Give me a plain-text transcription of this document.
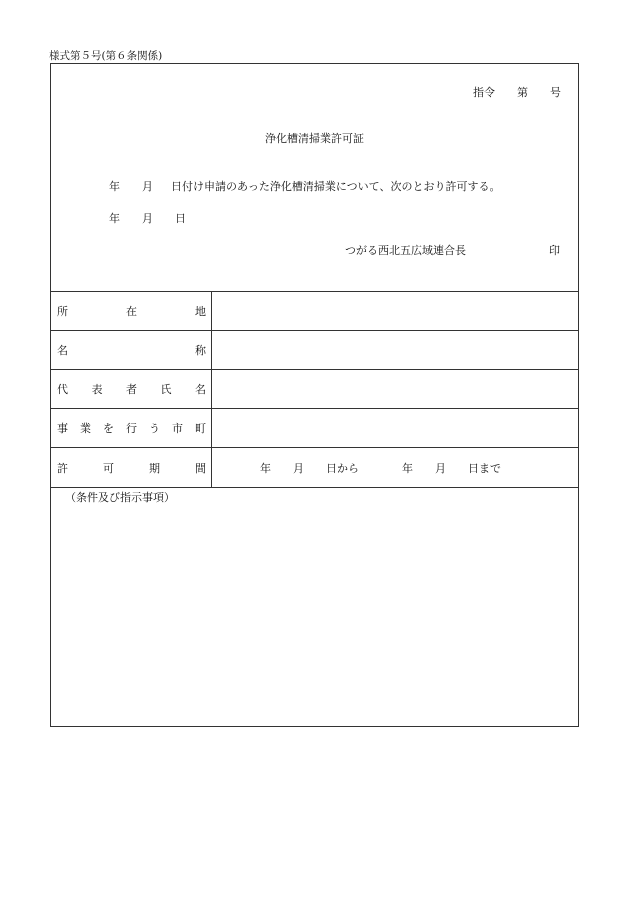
様式第５号(第６条関係)
指令 第 号
浄化槽清掃業許可証
年 月 日付け申請のあった浄化槽清掃業について、次のとおり許可する。
年 月 日
つがる西北五広域連合長	印
所	在	地
名	称
代 表 者 氏 名
事 業 を 行 う 市 町
許	可	期	間	年 月 日から	年 月 日まで
（条件及び指示事項）
